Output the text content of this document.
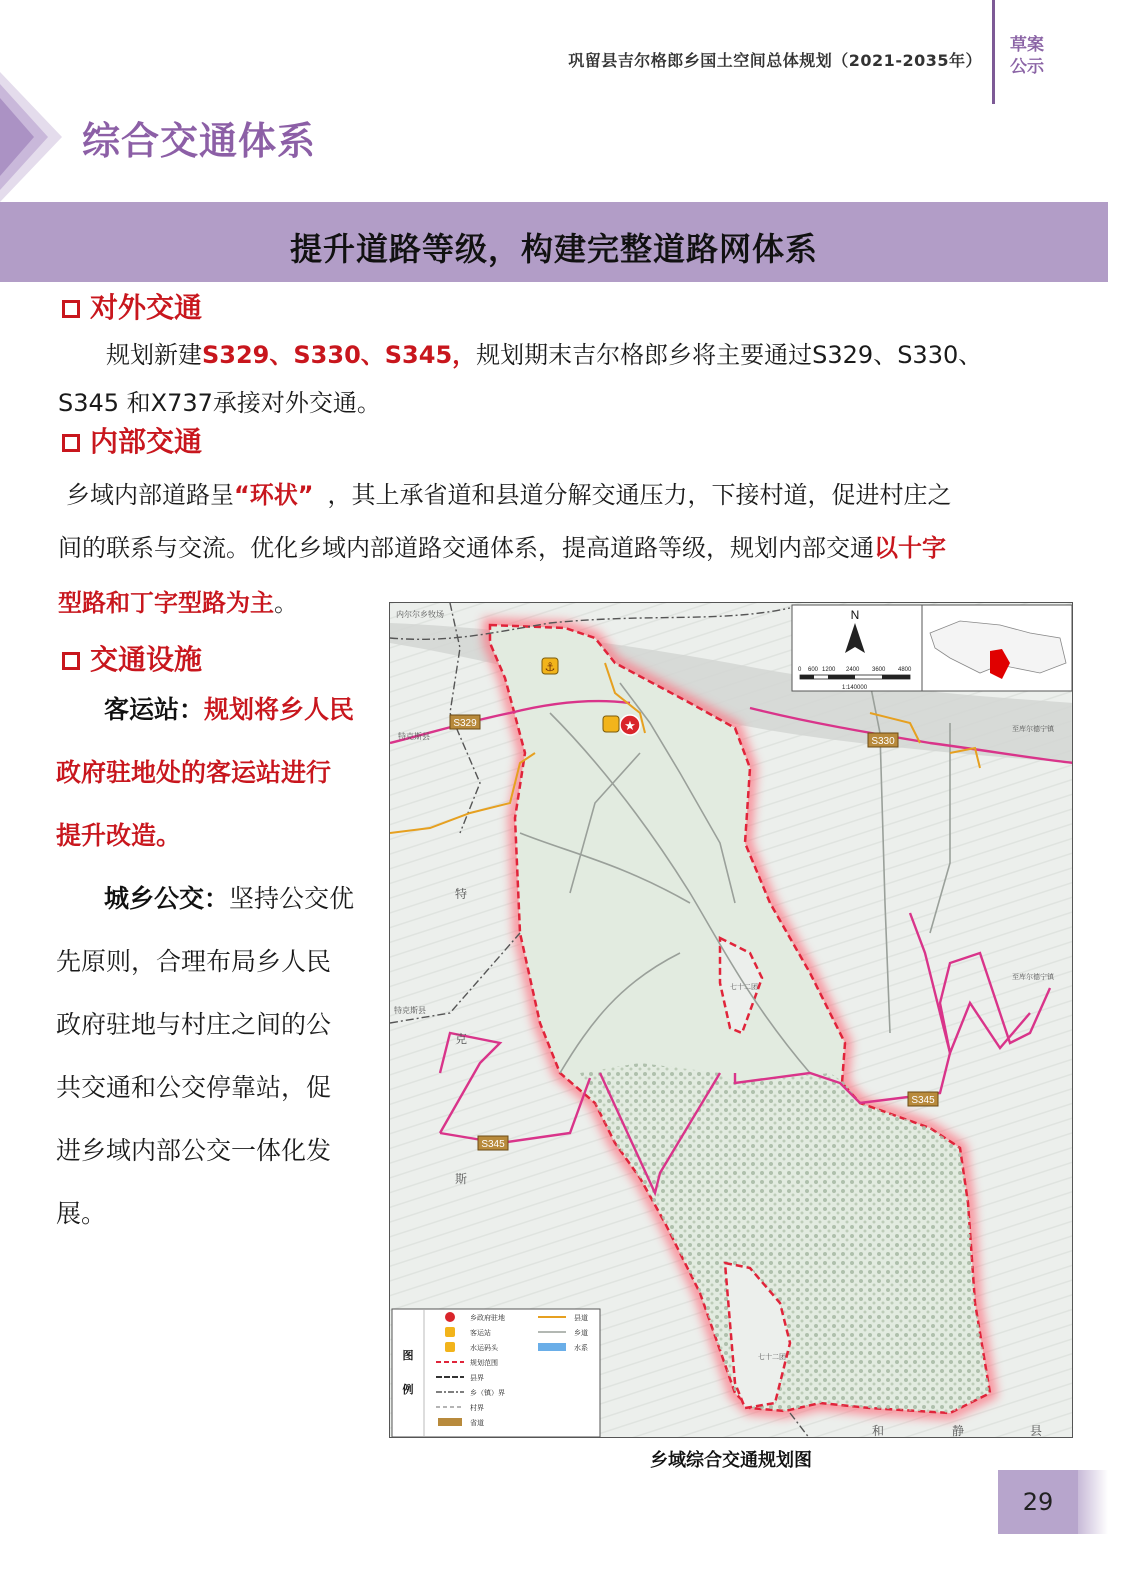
巩留县吉尔格郎乡国土空间总体规划（2021-2035年）
草案
公示
综合交通体系
提升道路等级，构建完整道路网体系
对外交通
规划新建S329、S330、S345，规划期末吉尔格郎乡将主要通过S329、S330、
S345 和X737承接对外交通。
内部交通
乡域内部道路呈“环状” ，其上承省道和县道分解交通压力，下接村道，促进村庄之
间的联系与交流。优化乡域内部道路交通体系，提高道路等级，规划内部交通以十字
型路和丁字型路为主。
交通设施
客运站：规划将乡人民
政府驻地处的客运站进行
提升改造。
城乡公交：坚持公交优
先原则，合理布局乡人民
政府驻地与村庄之间的公
共交通和公交停靠站，促
进乡域内部公交一体化发
展。
S329
S330
S345
S345
★
⚓
内尔尔乡牧场
特克斯县
特克斯县
特
克
斯
和	静	县
七十二团
七十二团
至库尔德宁镇
至库尔德宁镇
N
0 600 1200 2400 3600 4800
1:140000
图
例
乡政府驻地
客运站
水运码头
规划范围
县界
乡（镇）界
村界
省道
县道
乡道
水系
乡域综合交通规划图
29
